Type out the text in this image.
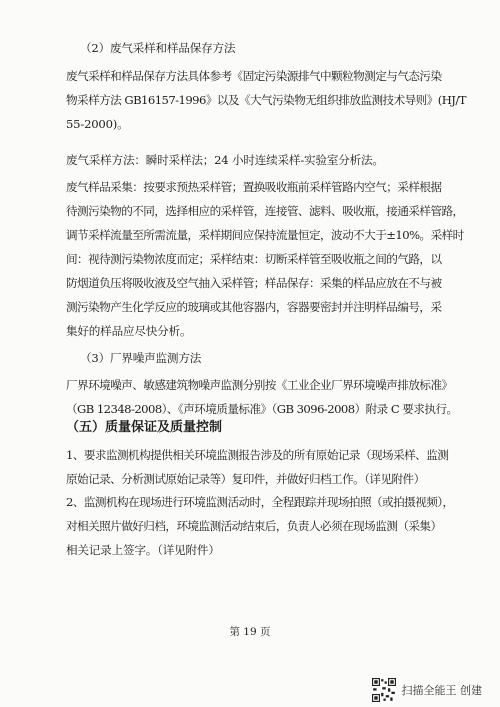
（2）废气采样和样品保存方法
废气采样和样品保存方法具体参考《固定污染源排气中颗粒物测定与气态污染
物采样方法 GB16157-1996》以及《大气污染物无组织排放监测技术导则》(HJ/T
55-2000)。
废气采样方法：瞬时采样法；24 小时连续采样-实验室分析法。
废气样品采集：按要求预热采样管；置换吸收瓶前采样管路内空气；采样根据
待测污染物的不同，选择相应的采样管，连接管、滤料、吸收瓶，接通采样管路，
调节采样流量至所需流量，采样期间应保持流量恒定，波动不大于±10%。采样时
间：视待测污染物浓度而定；采样结束：切断采样管至吸收瓶之间的气路，以
防烟道负压将吸收液及空气抽入采样管；样品保存：采集的样品应放在不与被
测污染物产生化学反应的玻璃或其他容器内，容器要密封并注明样品编号，采
集好的样品应尽快分析。
（3）厂界噪声监测方法
厂界环境噪声、敏感建筑物噪声监测分别按《工业企业厂界环境噪声排放标准》
（GB 12348-2008）、《声环境质量标准》（GB 3096-2008）附录 C 要求执行。
（五）质量保证及质量控制
1、要求监测机构提供相关环境监测报告涉及的所有原始记录（现场采样、监测
原始记录、分析测试原始记录等）复印件，并做好归档工作。（详见附件）
2、监测机构在现场进行环境监测活动时，全程跟踪并现场拍照（或拍摄视频），
对相关照片做好归档，环境监测活动结束后，负责人必须在现场监测（采集）
相关记录上签字。（详见附件）
第 19 页
扫描全能王 创建
